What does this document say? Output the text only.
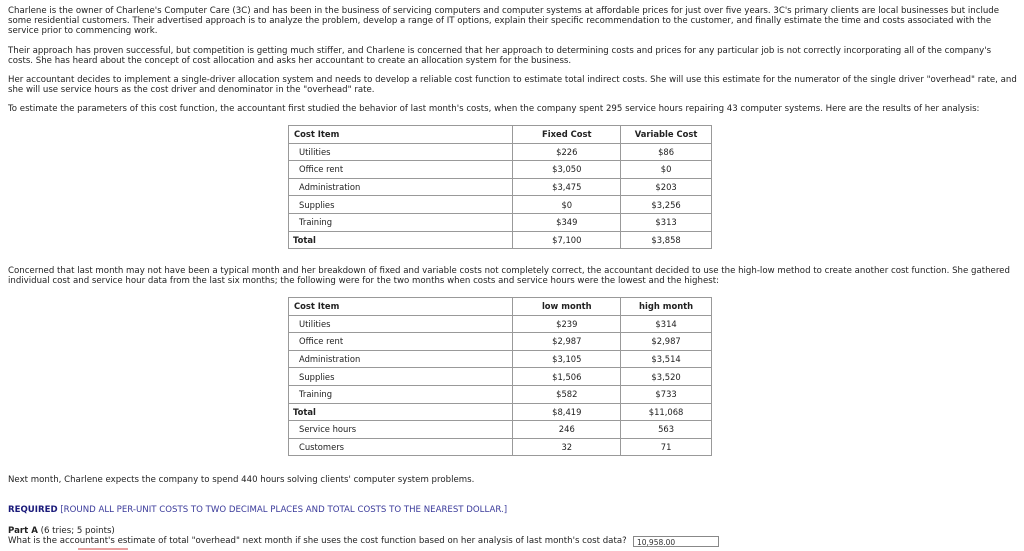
Charlene is the owner of Charlene's Computer Care (3C) and has been in the business of servicing computers and computer systems at affordable prices for just over five years. 3C's primary clients are local businesses but include some residential customers. Their advertised approach is to analyze the problem, develop a range of IT options, explain their specific recommendation to the customer, and finally estimate the time and costs associated with the service prior to commencing work.

Their approach has proven successful, but competition is getting much stiffer, and Charlene is concerned that her approach to determining costs and prices for any particular job is not correctly incorporating all of the company's costs. She has heard about the concept of cost allocation and asks her accountant to create an allocation system for the business.

Her accountant decides to implement a single-driver allocation system and needs to develop a reliable cost function to estimate total indirect costs. She will use this estimate for the numerator of the single driver "overhead" rate, and she will use service hours as the cost driver and denominator in the "overhead" rate.

To estimate the parameters of this cost function, the accountant first studied the behavior of last month's costs, when the company spent 295 service hours repairing 43 computer systems. Here are the results of her analysis:

Cost Item	Fixed Cost	Variable Cost
Utilities	$226	$86
Office rent	$3,050	$0
Administration	$3,475	$203
Supplies	$0	$3,256
Training	$349	$313
Total	$7,100	$3,858

Concerned that last month may not have been a typical month and her breakdown of fixed and variable costs not completely correct, the accountant decided to use the high-low method to create another cost function. She gathered individual cost and service hour data from the last six months; the following were for the two months when costs and service hours were the lowest and the highest:

Cost Item	low month	high month
Utilities	$239	$314
Office rent	$2,987	$2,987
Administration	$3,105	$3,514
Supplies	$1,506	$3,520
Training	$582	$733
Total	$8,419	$11,068
Service hours	246	563
Customers	32	71

Next month, Charlene expects the company to spend 440 hours solving clients' computer system problems.

REQUIRED [ROUND ALL PER-UNIT COSTS TO TWO DECIMAL PLACES AND TOTAL COSTS TO THE NEAREST DOLLAR.]
Part A (6 tries; 5 points)
What is the accountant's estimate of total "overhead" next month if she uses the cost function based on her analysis of last month's cost data?	10,958.00
